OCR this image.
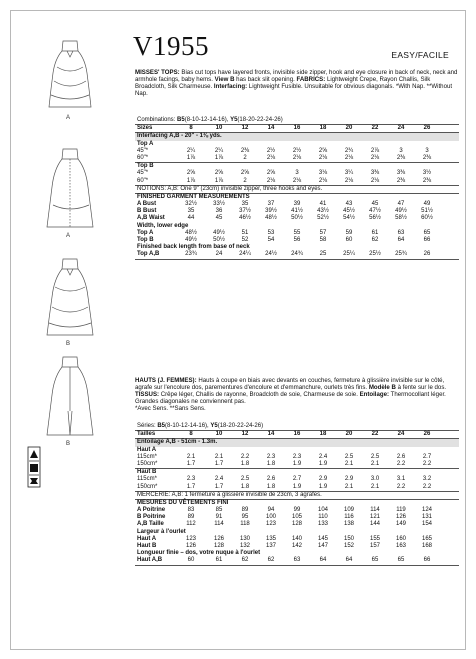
A
A
B
B
V1955	EASY/FACILE
MISSES' TOPS: Bias cut tops have layered fronts, invisible side zipper, hook and eye closure in back of neck, neck and armhole facings, baby hems. View B has back slit opening. FABRICS: Lightweight Crepe, Rayon Challis, Silk Broadcloth, Silk Charmeuse. Interfacing: Lightweight Fusible. Unsuitable for obvious diagonals. *With Nap. **Without Nap.
Combinations: B5(8-10-12-14-16), Y5(18-20-22-24-26)
Sizes	8	10	12	14	16	18	20	22	24	26
Interfacing A,B - 20" - 1⅜ yds.
Top A
45"*	2¼	2¼	2⅜	2½	2½	2⅝	2¾	2⅞	3	3
60"*	1⅞	1⅞	2	2⅛	2⅛	2⅛	2⅛	2⅛	2⅜	2⅜
Top B
45"*	2⅝	2⅝	2⅝	2⅝	3	3⅛	3¼	3⅜	3⅜	3½
60"*	1⅞	1⅞	2	2⅛	2⅛	2⅛	2⅛	2⅛	2⅜	2⅜
NOTIONS: A,B: One 9" (23cm) invisible zipper, three hooks and eyes.
FINISHED GARMENT MEASUREMENTS
A Bust	32½	33½	35	37	39	41	43	45	47	49
B Bust	35	36	37½	39½	41½	43½	45½	47½	49½	51½
A,B Waist	44	45	46½	48½	50½	52½	54½	56½	58½	60½
Width, lower edge
Top A	48½	49½	51	53	55	57	59	61	63	65
Top B	49½	50½	52	54	56	58	60	62	64	66
Finished back length from base of neck
Top A,B	23¾	24	24¼	24½	24¾	25	25¼	25½	25¾	26
HAUTS (J. FEMMES): Hauts à coupe en biais avec devants en couches, fermeture à glissière invisible sur le côté, agrafe sur l'encolure dos, parementures d'encolure et d'emmanchure, ourlets très fins. Modèle B à fente sur le dos. TISSUS: Crêpe léger, Challis de rayonne, Broadcloth de soie, Charmeuse de soie. Entoilage: Thermocollant léger. Grandes diagonales ne conviennent pas.
*Avec Sens. **Sans Sens.
Séries: B5(8-10-12-14-16), Y5(18-20-22-24-26)
Tailles	8	10	12	14	16	18	20	22	24	26
Entoilage A,B - 51cm - 1.3m.
Haut A
115cm*	2.1	2.1	2.2	2.3	2.3	2.4	2.5	2.5	2.6	2.7
150cm*	1.7	1.7	1.8	1.8	1.9	1.9	2.1	2.1	2.2	2.2
Haut B
115cm*	2.3	2.4	2.5	2.6	2.7	2.9	2.9	3.0	3.1	3.2
150cm*	1.7	1.7	1.8	1.8	1.9	1.9	2.1	2.1	2.2	2.2
MERCERIE: A,B: 1 fermeture à glissière invisible de 23cm, 3 agrafes.
MESURES DU VÊTEMENTS FINI
A Poitrine	83	85	89	94	99	104	109	114	119	124
B Poitrine	89	91	95	100	105	110	116	121	126	131
A,B Taille	112	114	118	123	128	133	138	144	149	154
Largeur à l'ourlet
Haut A	123	126	130	135	140	145	150	155	160	165
Haut B	126	128	132	137	142	147	152	157	163	168
Longueur finie – dos, votre nuque à l'ourlet
Haut A,B	60	61	62	62	63	64	64	65	65	66
